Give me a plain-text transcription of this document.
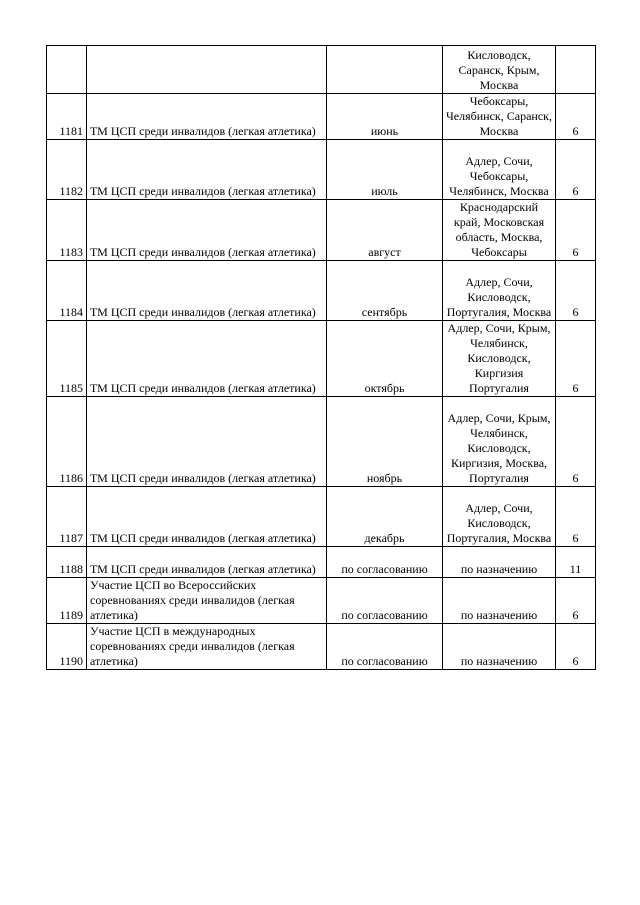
			Кисловодск, Саранск, Крым, Москва	
1181	ТМ ЦСП среди инвалидов (легкая атлетика)	июнь	Чебоксары, Челябинск, Саранск, Москва	6
1182	ТМ ЦСП среди инвалидов (легкая атлетика)	июль	Адлер, Сочи, Чебоксары, Челябинск, Москва	6
1183	ТМ ЦСП среди инвалидов (легкая атлетика)	август	Краснодарский край, Московская область, Москва, Чебоксары	6
1184	ТМ ЦСП среди инвалидов (легкая атлетика)	сентябрь	Адлер, Сочи, Кисловодск, Португалия, Москва	6
1185	ТМ ЦСП среди инвалидов (легкая атлетика)	октябрь	Адлер, Сочи, Крым, Челябинск, Кисловодск, Киргизия Португалия	6
1186	ТМ ЦСП среди инвалидов (легкая атлетика)	ноябрь	Адлер, Сочи, Крым, Челябинск, Кисловодск, Киргизия, Москва, Португалия	6
1187	ТМ ЦСП среди инвалидов (легкая атлетика)	декабрь	Адлер, Сочи, Кисловодск, Португалия, Москва	6
1188	ТМ ЦСП среди инвалидов (легкая атлетика)	по согласованию	по назначению	11
1189	Участие ЦСП во Всероссийских соревнованиях среди инвалидов (легкая атлетика)	по согласованию	по назначению	6
1190	Участие ЦСП в международных соревнованиях среди инвалидов (легкая атлетика)	по согласованию	по назначению	6
